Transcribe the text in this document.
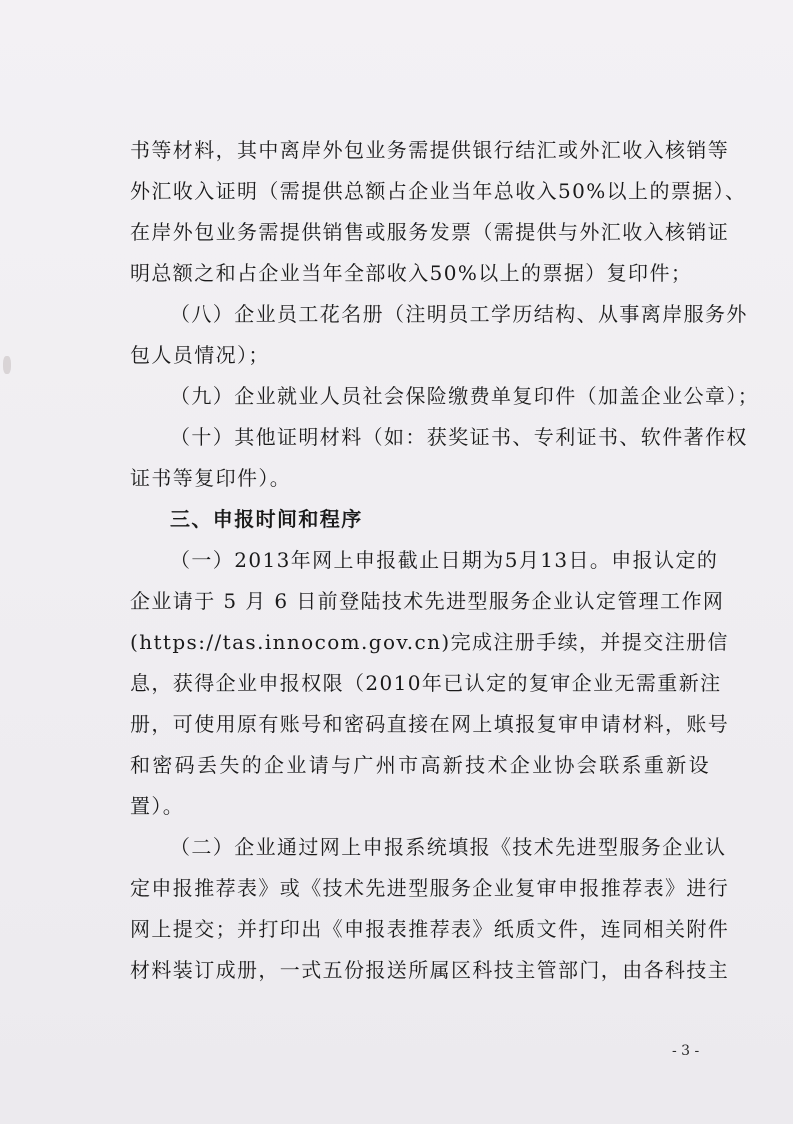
书等材料，其中离岸外包业务需提供银行结汇或外汇收入核销等
外汇收入证明（需提供总额占企业当年总收入50%以上的票据）、
在岸外包业务需提供销售或服务发票（需提供与外汇收入核销证
明总额之和占企业当年全部收入50%以上的票据）复印件；
（八）企业员工花名册（注明员工学历结构、从事离岸服务外
包人员情况）；
（九）企业就业人员社会保险缴费单复印件（加盖企业公章）；
（十）其他证明材料（如：获奖证书、专利证书、软件著作权
证书等复印件）。
三、申报时间和程序
（一）2013年网上申报截止日期为5月13日。申报认定的
企业请于 5 月 6 日前登陆技术先进型服务企业认定管理工作网
(https://tas.innocom.gov.cn)完成注册手续，并提交注册信
息，获得企业申报权限（2010年已认定的复审企业无需重新注
册，可使用原有账号和密码直接在网上填报复审申请材料，账号
和密码丢失的企业请与广州市高新技术企业协会联系重新设
置）。
（二）企业通过网上申报系统填报《技术先进型服务企业认
定申报推荐表》或《技术先进型服务企业复审申报推荐表》进行
网上提交；并打印出《申报表推荐表》纸质文件，连同相关附件
材料装订成册，一式五份报送所属区科技主管部门，由各科技主
- 3 -
